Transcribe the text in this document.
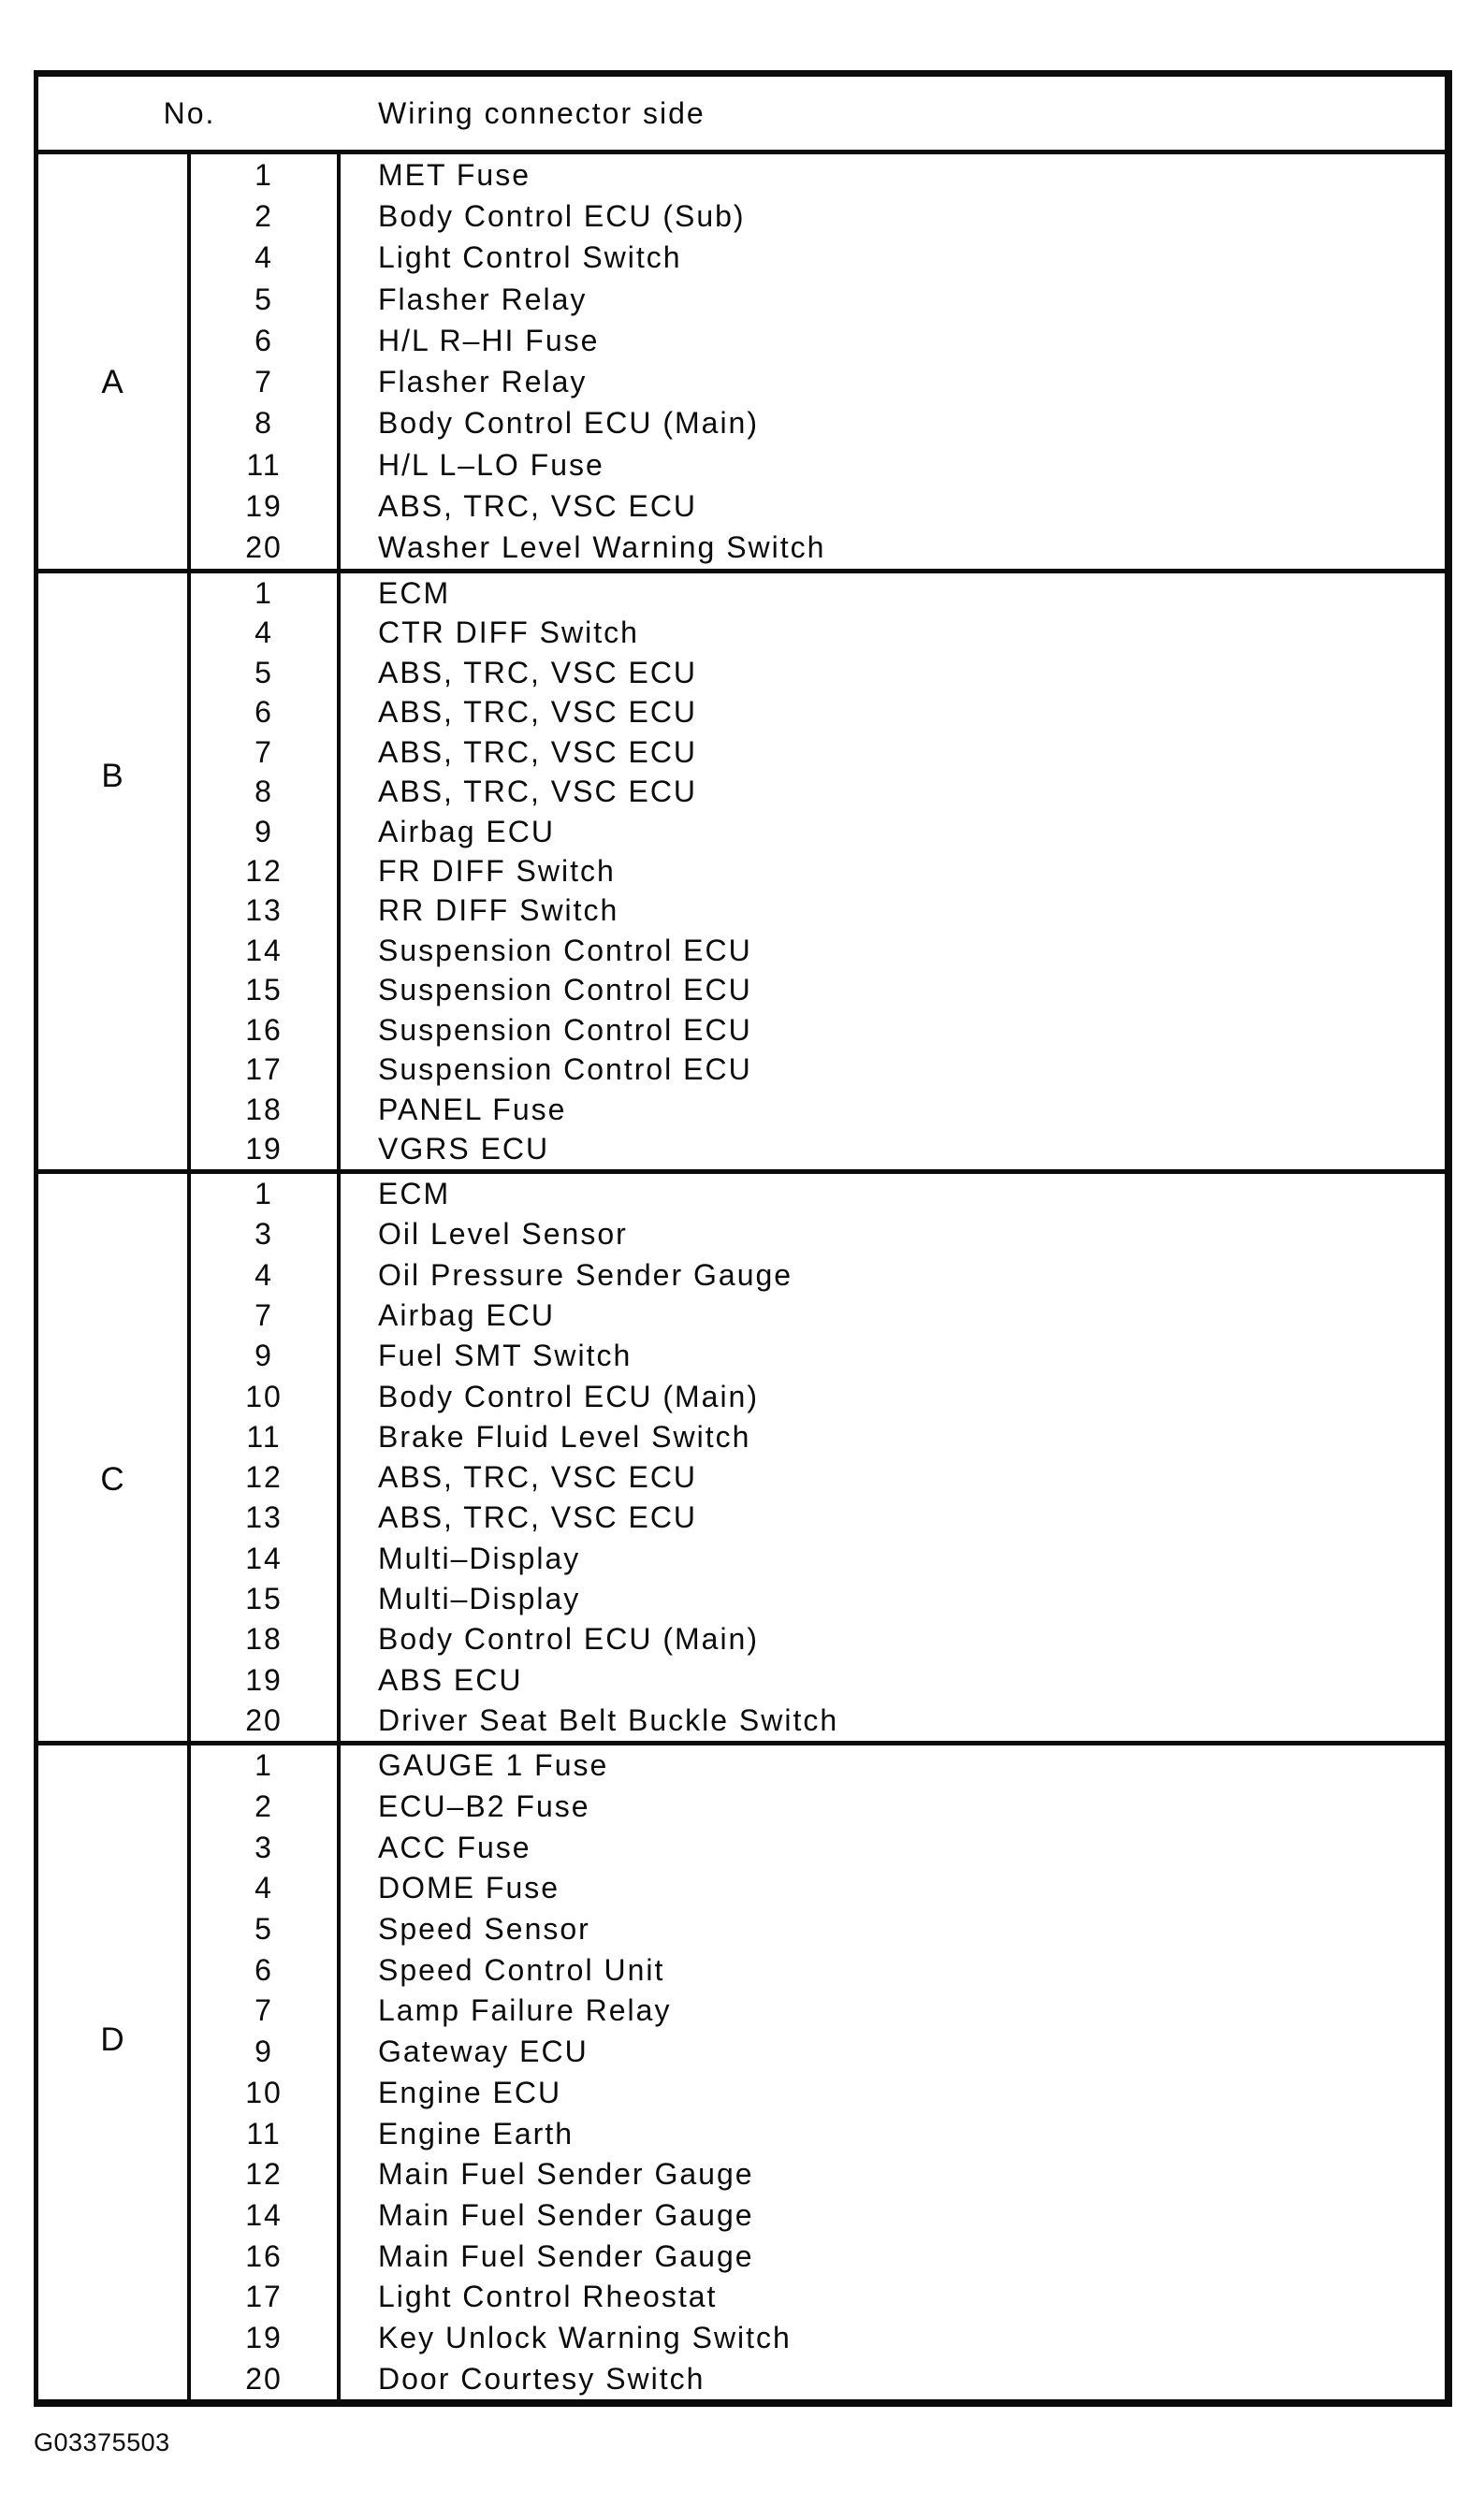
No.	Wiring connector side
A
1	MET Fuse
2	Body Control ECU (Sub)
4	Light Control Switch
5	Flasher Relay
6	H/L R–HI Fuse
7	Flasher Relay
8	Body Control ECU (Main)
11	H/L L–LO Fuse
19	ABS, TRC, VSC ECU
20	Washer Level Warning Switch
B
1	ECM
4	CTR DIFF Switch
5	ABS, TRC, VSC ECU
6	ABS, TRC, VSC ECU
7	ABS, TRC, VSC ECU
8	ABS, TRC, VSC ECU
9	Airbag ECU
12	FR DIFF Switch
13	RR DIFF Switch
14	Suspension Control ECU
15	Suspension Control ECU
16	Suspension Control ECU
17	Suspension Control ECU
18	PANEL Fuse
19	VGRS ECU
C
1	ECM
3	Oil Level Sensor
4	Oil Pressure Sender Gauge
7	Airbag ECU
9	Fuel SMT Switch
10	Body Control ECU (Main)
11	Brake Fluid Level Switch
12	ABS, TRC, VSC ECU
13	ABS, TRC, VSC ECU
14	Multi–Display
15	Multi–Display
18	Body Control ECU (Main)
19	ABS ECU
20	Driver Seat Belt Buckle Switch
D
1	GAUGE 1 Fuse
2	ECU–B2 Fuse
3	ACC Fuse
4	DOME Fuse
5	Speed Sensor
6	Speed Control Unit
7	Lamp Failure Relay
9	Gateway ECU
10	Engine ECU
11	Engine Earth
12	Main Fuel Sender Gauge
14	Main Fuel Sender Gauge
16	Main Fuel Sender Gauge
17	Light Control Rheostat
19	Key Unlock Warning Switch
20	Door Courtesy Switch
G03375503
